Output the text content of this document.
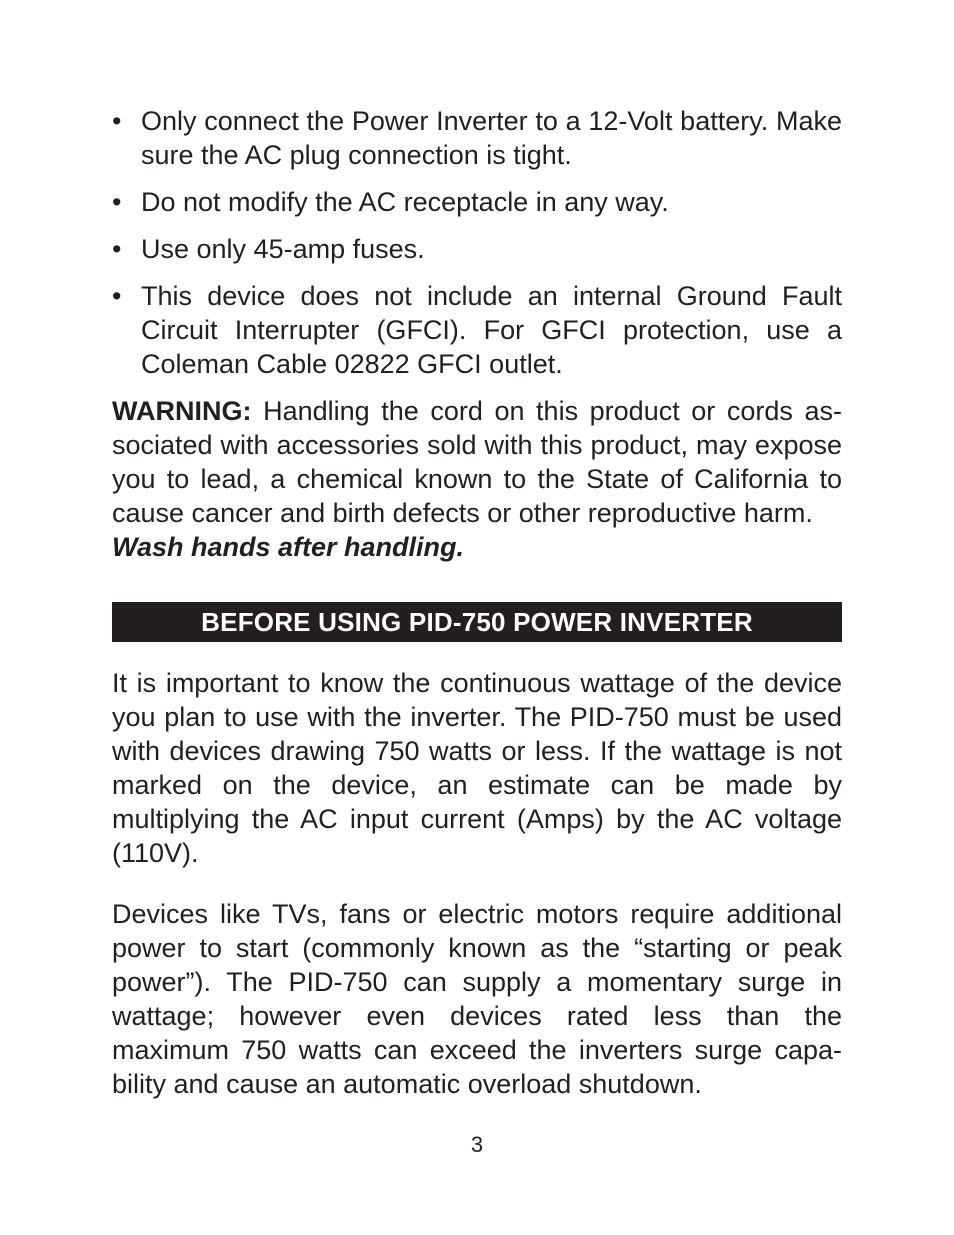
• Only connect the Power Inverter to a 12-Volt battery. Make sure the AC plug connection is tight.
• Do not modify the AC receptacle in any way.
• Use only 45-amp fuses.
• This device does not include an internal Ground Fault Circuit Interrupter (GFCI). For GFCI protection, use a Coleman Cable 02822 GFCI outlet.

WARNING: Handling the cord on this product or cords as-sociated with accessories sold with this product, may expose you to lead, a chemical known to the State of California to cause cancer and birth defects or other reproductive harm.
Wash hands after handling.

BEFORE USING PID-750 POWER INVERTER

It is important to know the continuous wattage of the device you plan to use with the inverter. The PID-750 must be used with devices drawing 750 watts or less. If the wattage is not marked on the device, an estimate can be made by multiplying the AC input current (Amps) by the AC voltage (110V).

Devices like TVs, fans or electric motors require additional power to start (commonly known as the “starting or peak power”). The PID-750 can supply a momentary surge in wattage; however even devices rated less than the maximum 750 watts can exceed the inverters surge capa-bility and cause an automatic overload shutdown.

3
